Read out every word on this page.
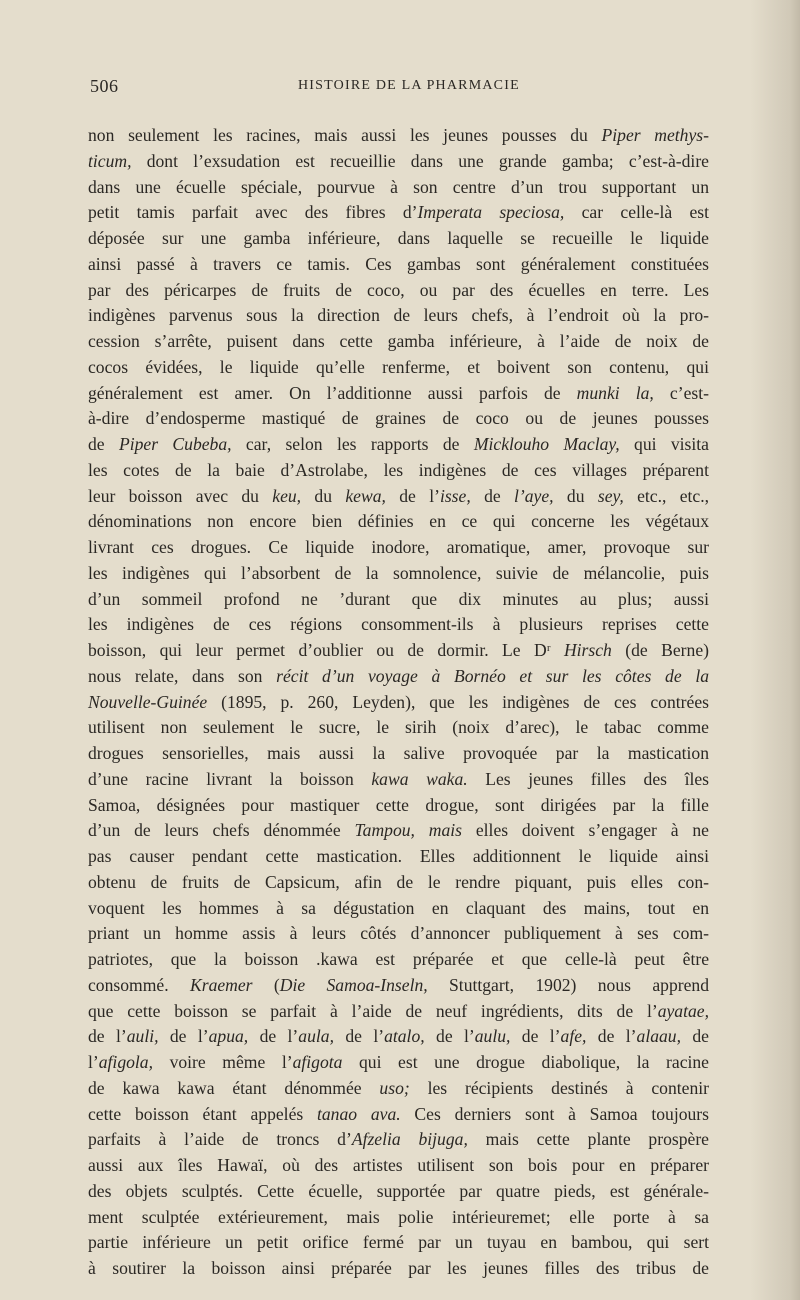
506	HISTOIRE DE LA PHARMACIE
non seulement les racines, mais aussi les jeunes pousses du Piper methys-
ticum, dont l’exsudation est recueillie dans une grande gamba; c’est-à-dire
dans une écuelle spéciale, pourvue à son centre d’un trou supportant un
petit tamis parfait avec des fibres d’Imperata speciosa, car celle-là est
déposée sur une gamba inférieure, dans laquelle se recueille le liquide
ainsi passé à travers ce tamis. Ces gambas sont généralement constituées
par des péricarpes de fruits de coco, ou par des écuelles en terre. Les
indigènes parvenus sous la direction de leurs chefs, à l’endroit où la pro-
cession s’arrête, puisent dans cette gamba inférieure, à l’aide de noix de
cocos évidées, le liquide qu’elle renferme, et boivent son contenu, qui
généralement est amer. On l’additionne aussi parfois de munki la, c’est-
à-dire d’endosperme mastiqué de graines de coco ou de jeunes pousses
de Piper Cubeba, car, selon les rapports de Micklouho Maclay, qui visita
les cotes de la baie d’Astrolabe, les indigènes de ces villages préparent
leur boisson avec du keu, du kewa, de l’isse, de l’aye, du sey, etc., etc.,
dénominations non encore bien définies en ce qui concerne les végétaux
livrant ces drogues. Ce liquide inodore, aromatique, amer, provoque sur
les indigènes qui l’absorbent de la somnolence, suivie de mélancolie, puis
d’un sommeil profond ne ’durant que dix minutes au plus; aussi
les indigènes de ces régions consomment-ils à plusieurs reprises cette
boisson, qui leur permet d’oublier ou de dormir. Le Dʳ Hirsch (de Berne)
nous relate, dans son récit d’un voyage à Bornéo et sur les côtes de la
Nouvelle-Guinée (1895, p. 260, Leyden), que les indigènes de ces contrées
utilisent non seulement le sucre, le sirih (noix d’arec), le tabac comme
drogues sensorielles, mais aussi la salive provoquée par la mastication
d’une racine livrant la boisson kawa waka. Les jeunes filles des îles
Samoa, désignées pour mastiquer cette drogue, sont dirigées par la fille
d’un de leurs chefs dénommée Tampou, mais elles doivent s’engager à ne
pas causer pendant cette mastication. Elles additionnent le liquide ainsi
obtenu de fruits de Capsicum, afin de le rendre piquant, puis elles con-
voquent les hommes à sa dégustation en claquant des mains, tout en
priant un homme assis à leurs côtés d’annoncer publiquement à ses com-
patriotes, que la boisson .kawa est préparée et que celle-là peut être
consommé. Kraemer (Die Samoa-Inseln, Stuttgart, 1902) nous apprend
que cette boisson se parfait à l’aide de neuf ingrédients, dits de l’ayatae,
de l’auli, de l’apua, de l’aula, de l’atalo, de l’aulu, de l’afe, de l’alaau, de
l’afigola, voire même l’afigota qui est une drogue diabolique, la racine
de kawa kawa étant dénommée uso; les récipients destinés à contenir
cette boisson étant appelés tanao ava. Ces derniers sont à Samoa toujours
parfaits à l’aide de troncs d’Afzelia bijuga, mais cette plante prospère
aussi aux îles Hawaï, où des artistes utilisent son bois pour en préparer
des objets sculptés. Cette écuelle, supportée par quatre pieds, est générale-
ment sculptée extérieurement, mais polie intérieuremet; elle porte à sa
partie inférieure un petit orifice fermé par un tuyau en bambou, qui sert
à soutirer la boisson ainsi préparée par les jeunes filles des tribus de
